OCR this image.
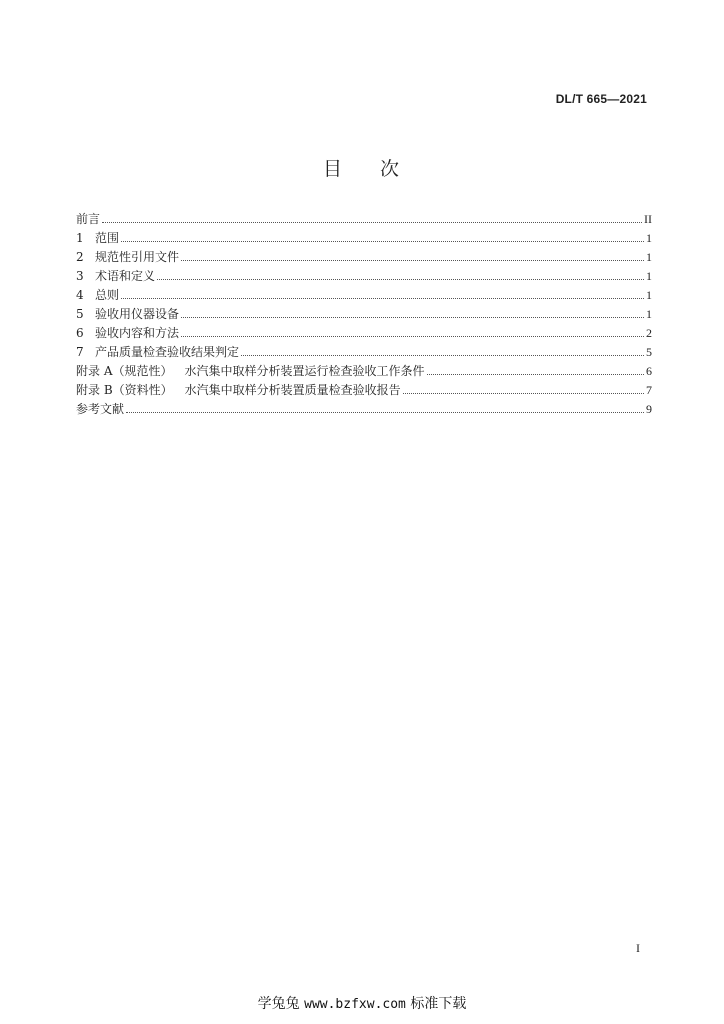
DL/T 665—2021
目 次
前言	II
1 范围	1
2 规范性引用文件	1
3 术语和定义	1
4 总则	1
5 验收用仪器设备	1
6 验收内容和方法	2
7 产品质量检查验收结果判定	5
附录 A（规范性） 水汽集中取样分析装置运行检查验收工作条件	6
附录 B（资料性） 水汽集中取样分析装置质量检查验收报告	7
参考文献	9
I
学兔兔 www.bzfxw.com 标准下载
